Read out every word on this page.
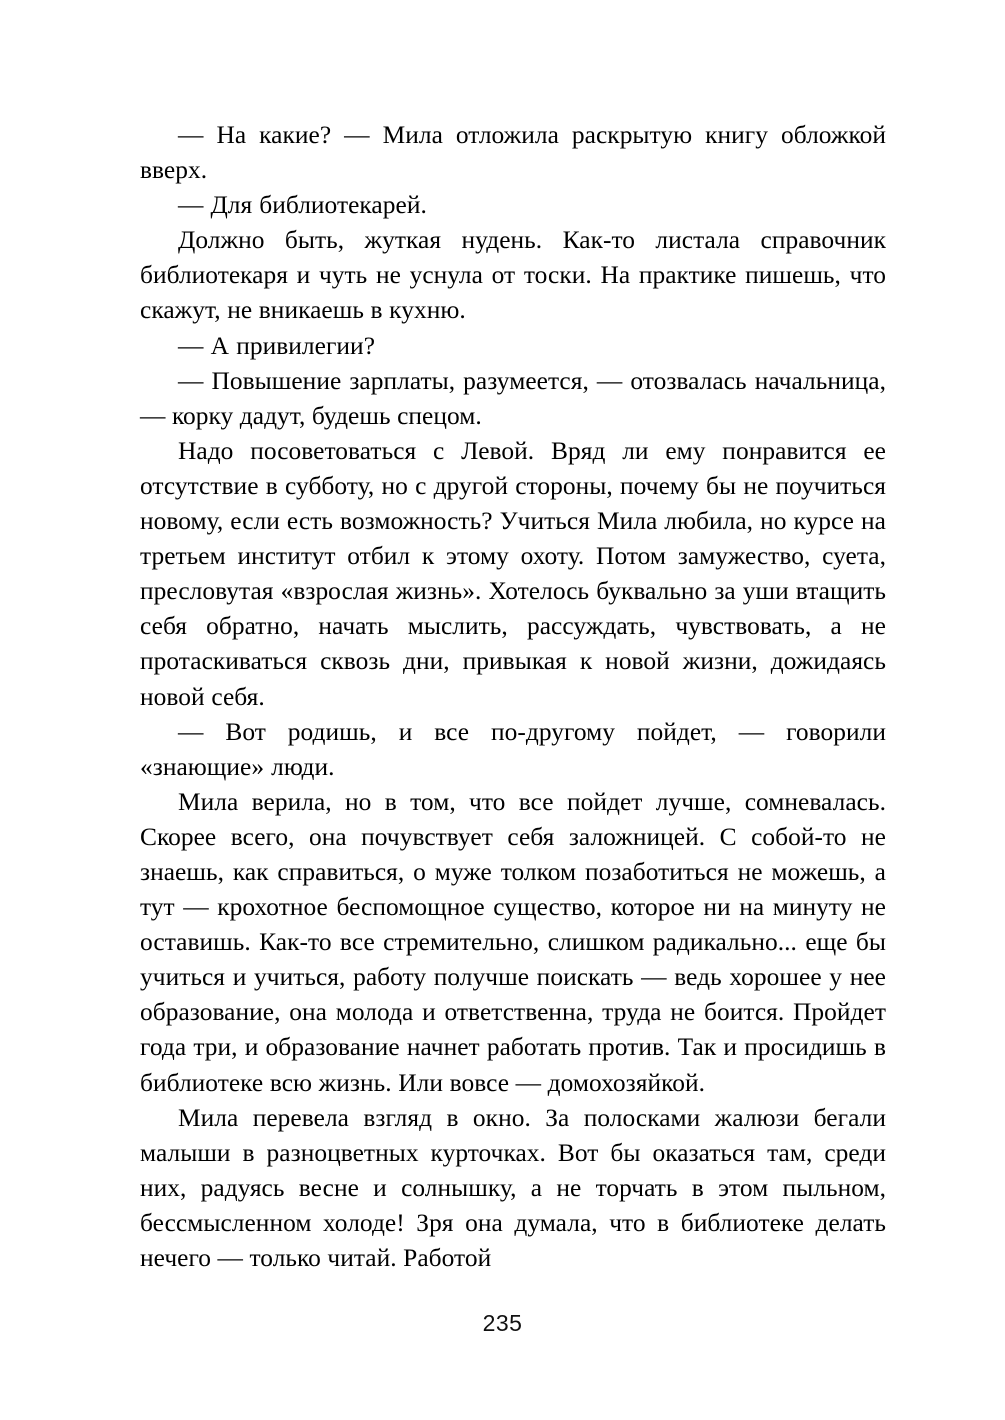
— На какие? — Мила отложила раскрытую книгу обложкой вверх.

— Для библиотекарей.

Должно быть, жуткая нудень. Как-то листала справочник библиотекаря и чуть не уснула от тоски. На практике пишешь, что скажут, не вникаешь в кухню.

— А привилегии?

— Повышение зарплаты, разумеется, — отозвалась начальница, — корку дадут, будешь спецом.

Надо посоветоваться с Левой. Вряд ли ему понравится ее отсутствие в субботу, но с другой стороны, почему бы не поучиться новому, если есть возможность? Учиться Мила любила, но курсе на третьем институт отбил к этому охоту. Потом замужество, суета, пресловутая «взрослая жизнь». Хотелось буквально за уши втащить себя обратно, начать мыслить, рассуждать, чувствовать, а не протаскиваться сквозь дни, привыкая к новой жизни, дожидаясь новой себя.

— Вот родишь, и все по-другому пойдет, — говорили «знающие» люди.

Мила верила, но в том, что все пойдет лучше, сомневалась. Скорее всего, она почувствует себя заложницей. С собой-то не знаешь, как справиться, о муже толком позаботиться не можешь, а тут — крохотное беспомощное существо, которое ни на минуту не оставишь. Как-то все стремительно, слишком радикально... еще бы учиться и учиться, работу получше поискать — ведь хорошее у нее образование, она молода и ответственна, труда не боится. Пройдет года три, и образование начнет работать против. Так и просидишь в библиотеке всю жизнь. Или вовсе — домохозяйкой.

Мила перевела взгляд в окно. За полосками жалюзи бегали малыши в разноцветных курточках. Вот бы оказаться там, среди них, радуясь весне и солнышку, а не торчать в этом пыльном, бессмысленном холоде! Зря она думала, что в библиотеке делать нечего — только читай. Работой

235
